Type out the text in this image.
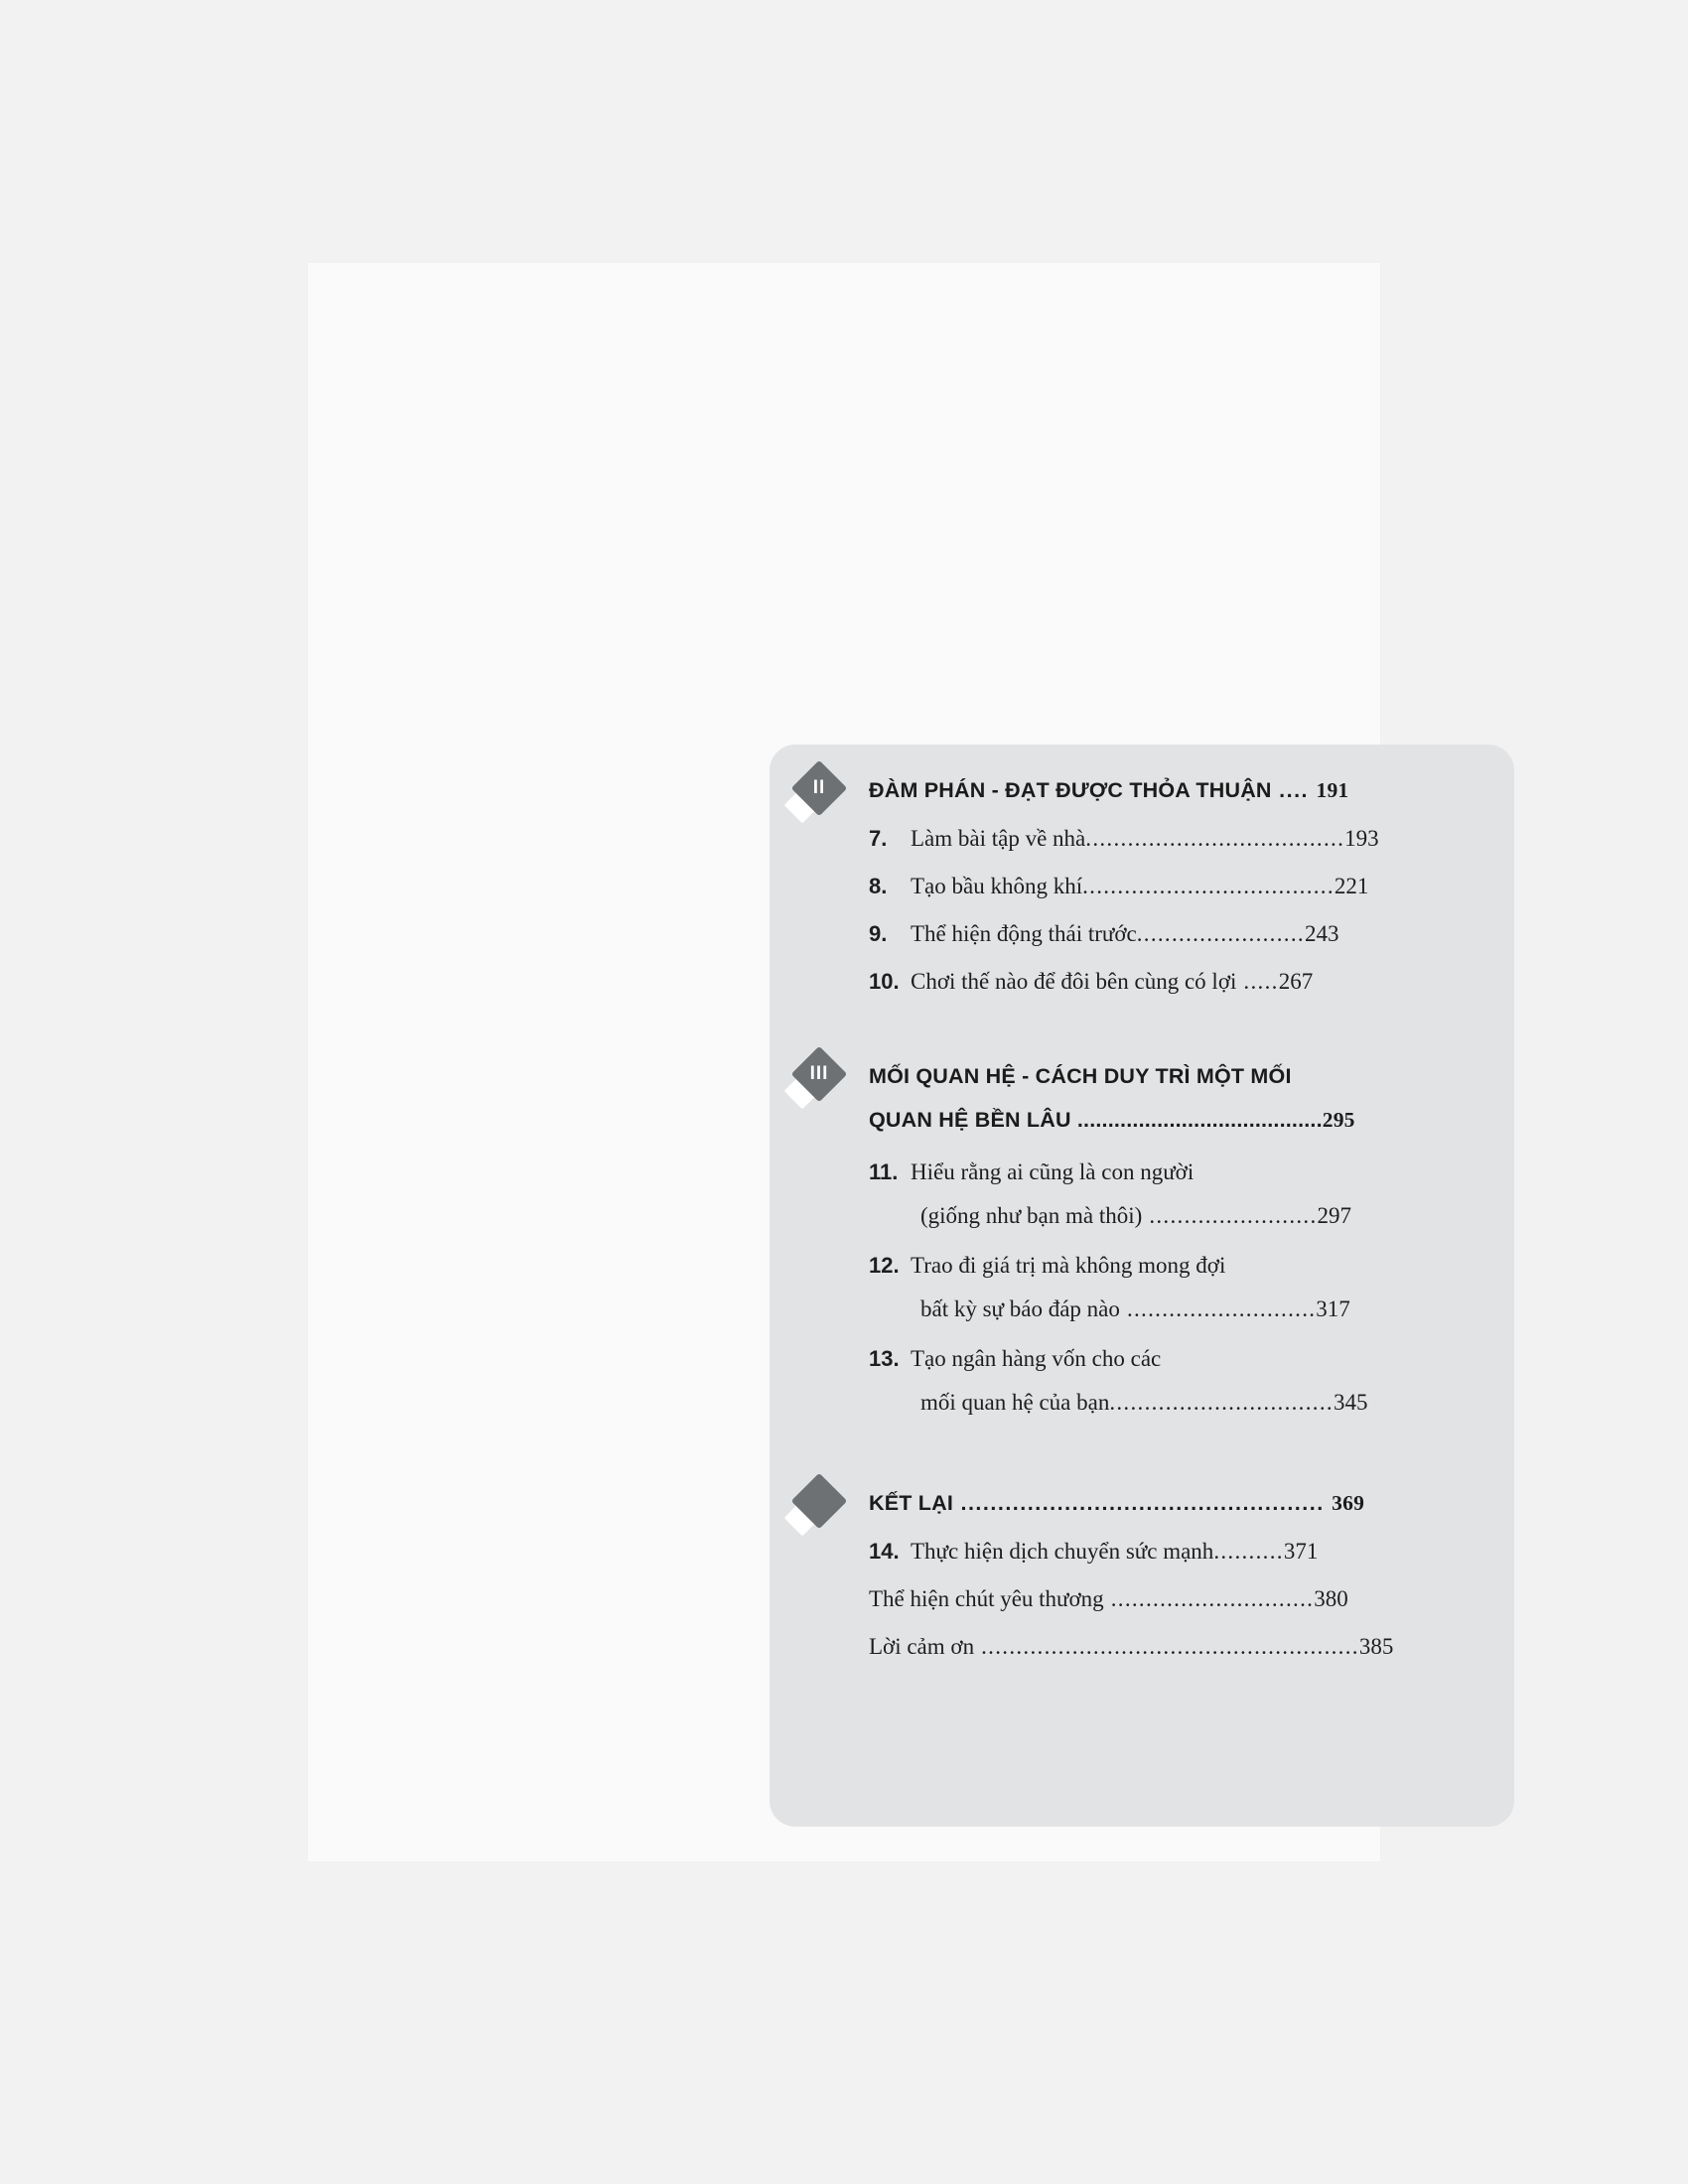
II	ĐÀM PHÁN - ĐẠT ĐƯỢC THỎA THUẬN .... 191
7. Làm bài tập về nhà.....................................193
8. Tạo bầu không khí....................................221
9. Thể hiện động thái trước........................243
10. Chơi thế nào để đôi bên cùng có lợi .....267
III	MỐI QUAN HỆ - CÁCH DUY TRÌ MỘT MỐI
QUAN HỆ BỀN LÂU ........................................295
11. Hiểu rằng ai cũng là con người
(giống như bạn mà thôi) ........................297
12. Trao đi giá trị mà không mong đợi
bất kỳ sự báo đáp nào ...........................317
13. Tạo ngân hàng vốn cho các
mối quan hệ của bạn................................345
KẾT LẠI ................................................. 369
14. Thực hiện dịch chuyển sức mạnh..........371
Thể hiện chút yêu thương .............................380
Lời cảm ơn ......................................................385
